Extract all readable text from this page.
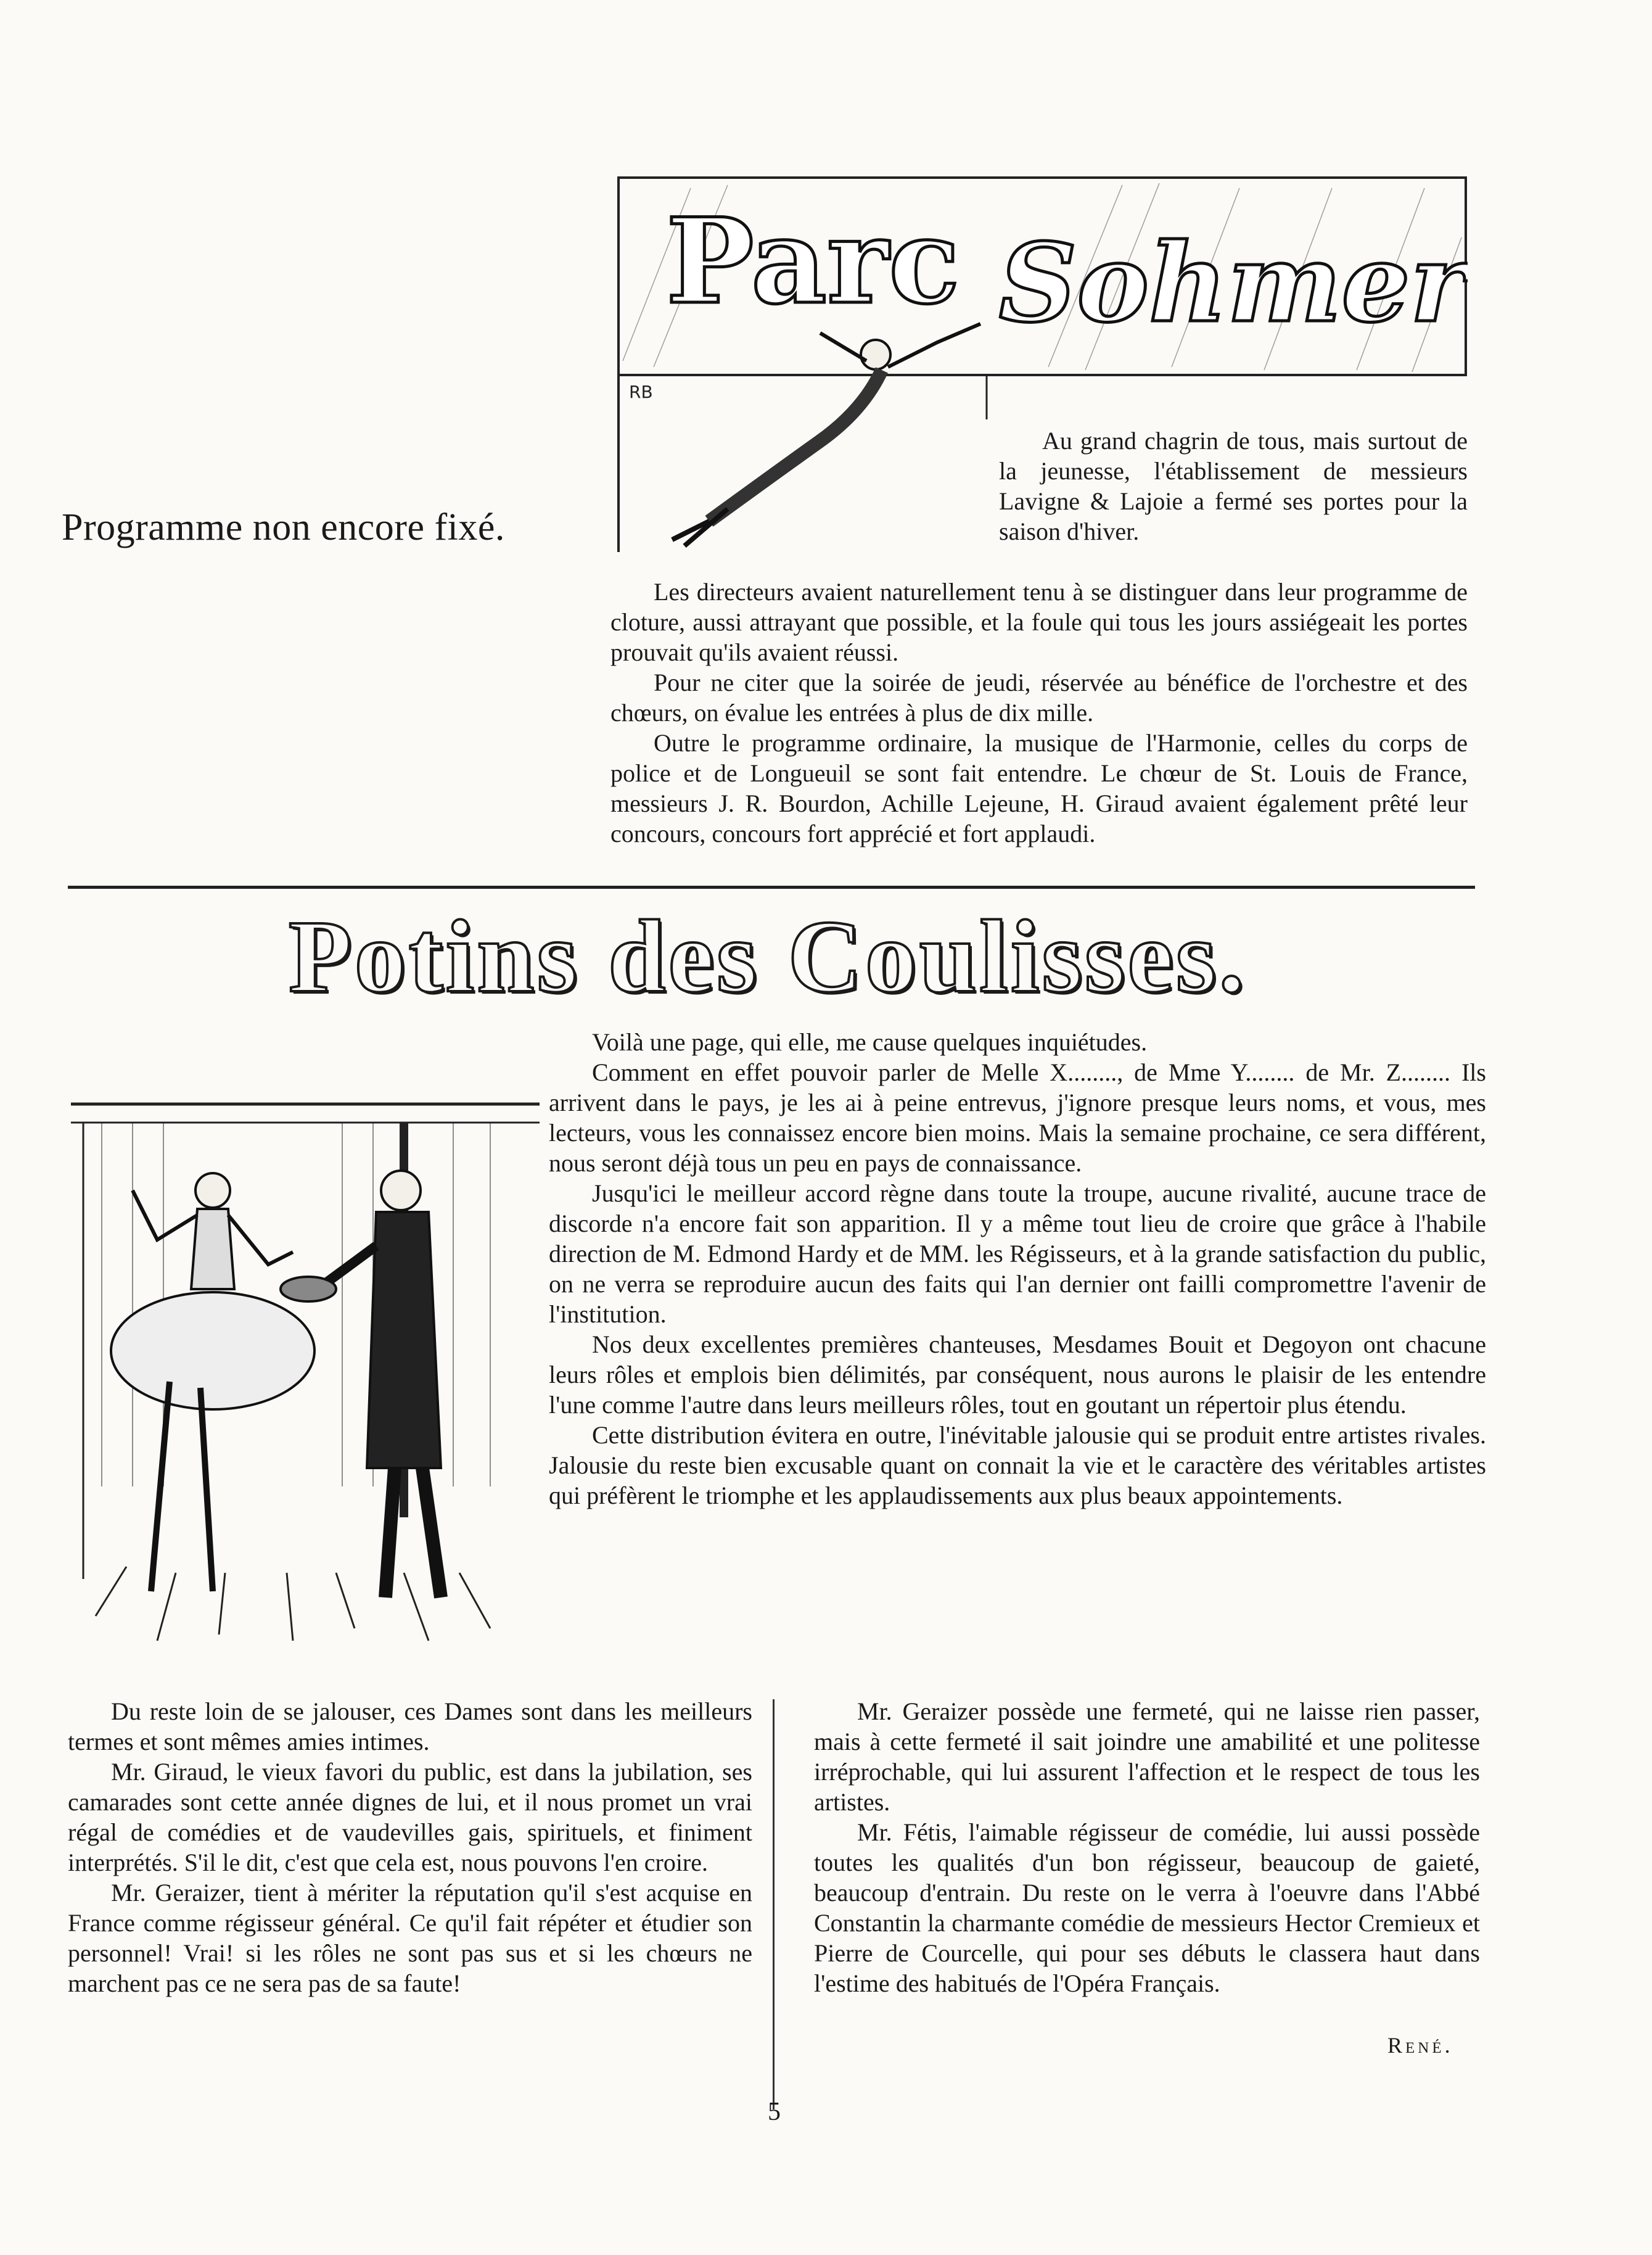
Programme non encore fixé.
Parc Sohmer
RB

Au grand chagrin de tous, mais surtout de la jeunesse, l'établissement de messieurs Lavigne & Lajoie a fermé ses portes pour la saison d'hiver.

Les directeurs avaient naturellement tenu à se distinguer dans leur programme de cloture, aussi attrayant que possible, et la foule qui tous les jours assiégeait les portes prouvait qu'ils avaient réussi.

Pour ne citer que la soirée de jeudi, réservée au bénéfice de l'orchestre et des chœurs, on évalue les entrées à plus de dix mille.

Outre le programme ordinaire, la musique de l'Harmonie, celles du corps de police et de Longueuil se sont fait entendre. Le chœur de St. Louis de France, messieurs J. R. Bourdon, Achille Lejeune, H. Giraud avaient également prêté leur concours, concours fort apprécié et fort applaudi.

Potins des Coulisses.

Voilà une page, qui elle, me cause quelques inquiétudes.

Comment en effet pouvoir parler de Melle X........, de Mme Y........ de Mr. Z........ Ils arrivent dans le pays, je les ai à peine entrevus, j'ignore presque leurs noms, et vous, mes lecteurs, vous les connaissez encore bien moins. Mais la semaine prochaine, ce sera différent, nous seront déjà tous un peu en pays de connaissance.

Jusqu'ici le meilleur accord règne dans toute la troupe, aucune rivalité, aucune trace de discorde n'a encore fait son apparition. Il y a même tout lieu de croire que grâce à l'habile direction de M. Edmond Hardy et de MM. les Régisseurs, et à la grande satisfaction du public, on ne verra se reproduire aucun des faits qui l'an dernier ont failli compromettre l'avenir de l'institution.

Nos deux excellentes premières chanteuses, Mesdames Bouit et Degoyon ont chacune leurs rôles et emplois bien délimités, par conséquent, nous aurons le plaisir de les entendre l'une comme l'autre dans leurs meilleurs rôles, tout en goutant un répertoir plus étendu.

Cette distribution évitera en outre, l'inévitable jalousie qui se produit entre artistes rivales. Jalousie du reste bien excusable quant on connait la vie et le caractère des véritables artistes qui préfèrent le triomphe et les applaudissements aux plus beaux appointements.

Du reste loin de se jalouser, ces Dames sont dans les meilleurs termes et sont mêmes amies intimes.

Mr. Giraud, le vieux favori du public, est dans la jubilation, ses camarades sont cette année dignes de lui, et il nous promet un vrai régal de comédies et de vaudevilles gais, spirituels, et finiment interprétés. S'il le dit, c'est que cela est, nous pouvons l'en croire.

Mr. Geraizer, tient à mériter la réputation qu'il s'est acquise en France comme régisseur général. Ce qu'il fait répéter et étudier son personnel! Vrai! si les rôles ne sont pas sus et si les chœurs ne marchent pas ce ne sera pas de sa faute!

Mr. Geraizer possède une fermeté, qui ne laisse rien passer, mais à cette fermeté il sait joindre une amabilité et une politesse irréprochable, qui lui assurent l'affection et le respect de tous les artistes.

Mr. Fétis, l'aimable régisseur de comédie, lui aussi possède toutes les qualités d'un bon régisseur, beaucoup de gaieté, beaucoup d'entrain. Du reste on le verra à l'oeuvre dans l'Abbé Constantin la charmante comédie de messieurs Hector Cremieux et Pierre de Courcelle, qui pour ses débuts le classera haut dans l'estime des habitués de l'Opéra Français.

René.
5
